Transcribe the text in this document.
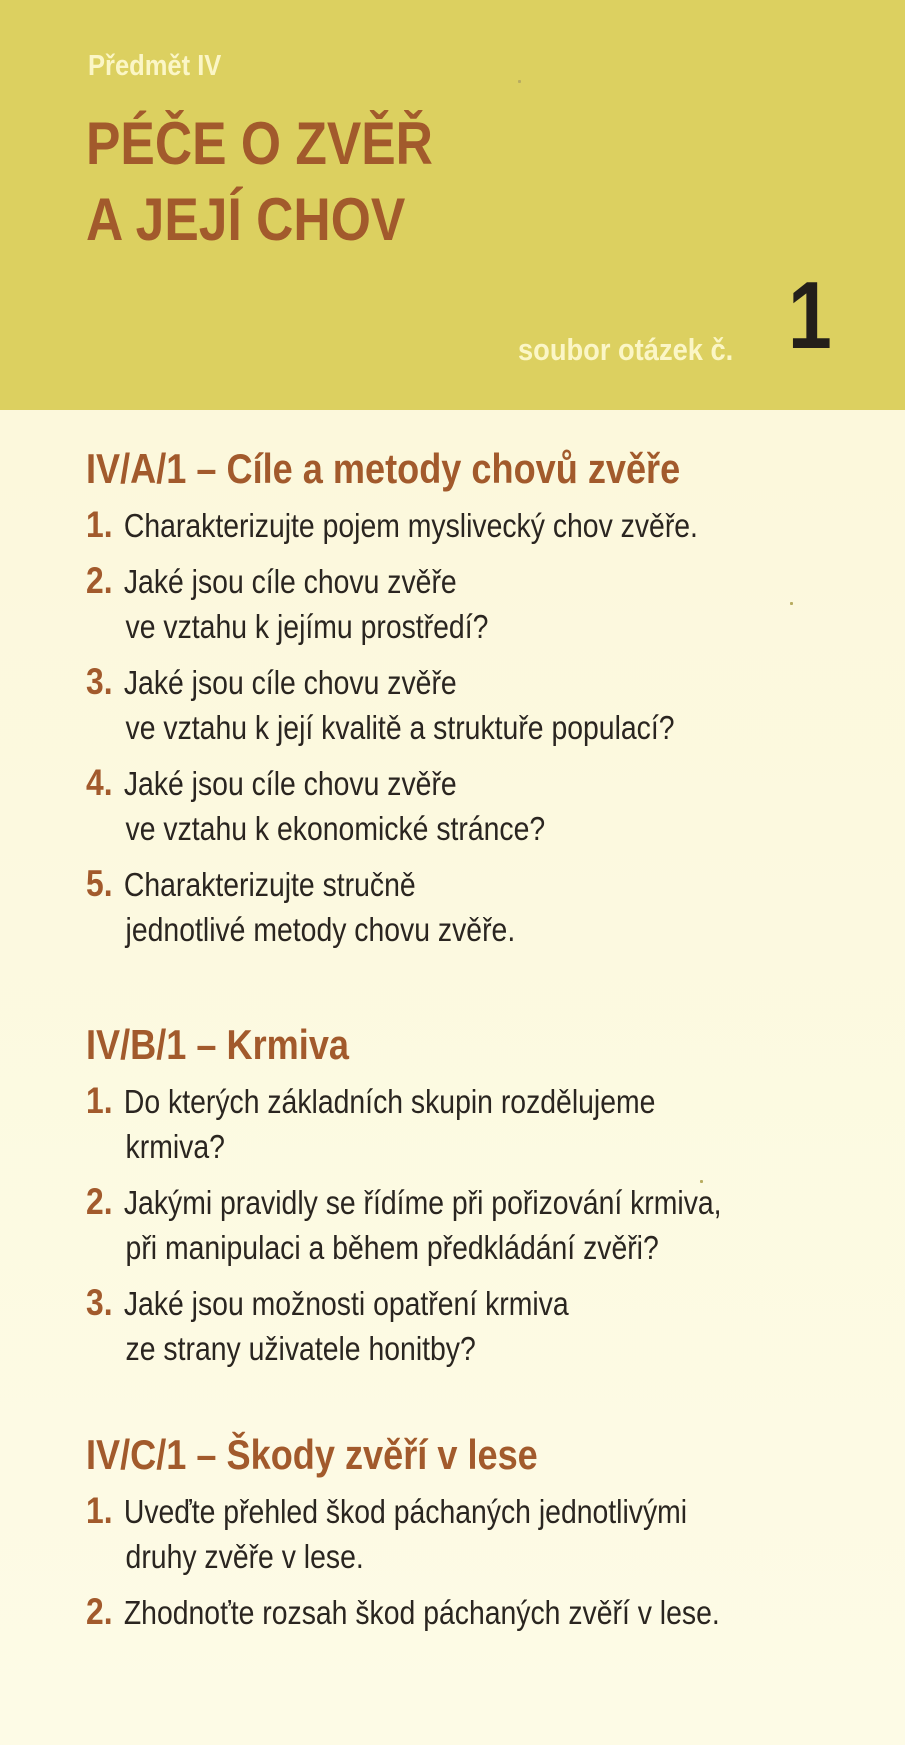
Předmět IV
PÉČE O ZVĚŘ
A JEJÍ CHOV
soubor otázek č. 1
IV/A/1 – Cíle a metody chovů zvěře
1. Charakterizujte pojem myslivecký chov zvěře.
2. Jaké jsou cíle chovu zvěře
ve vztahu k jejímu prostředí?
3. Jaké jsou cíle chovu zvěře
ve vztahu k její kvalitě a struktuře populací?
4. Jaké jsou cíle chovu zvěře
ve vztahu k ekonomické stránce?
5. Charakterizujte stručně
jednotlivé metody chovu zvěře.
IV/B/1 – Krmiva
1. Do kterých základních skupin rozdělujeme
krmiva?
2. Jakými pravidly se řídíme při pořizování krmiva,
při manipulaci a během předkládání zvěři?
3. Jaké jsou možnosti opatření krmiva
ze strany uživatele honitby?
IV/C/1 – Škody zvěří v lese
1. Uveďte přehled škod páchaných jednotlivými
druhy zvěře v lese.
2. Zhodnoťte rozsah škod páchaných zvěří v lese.
